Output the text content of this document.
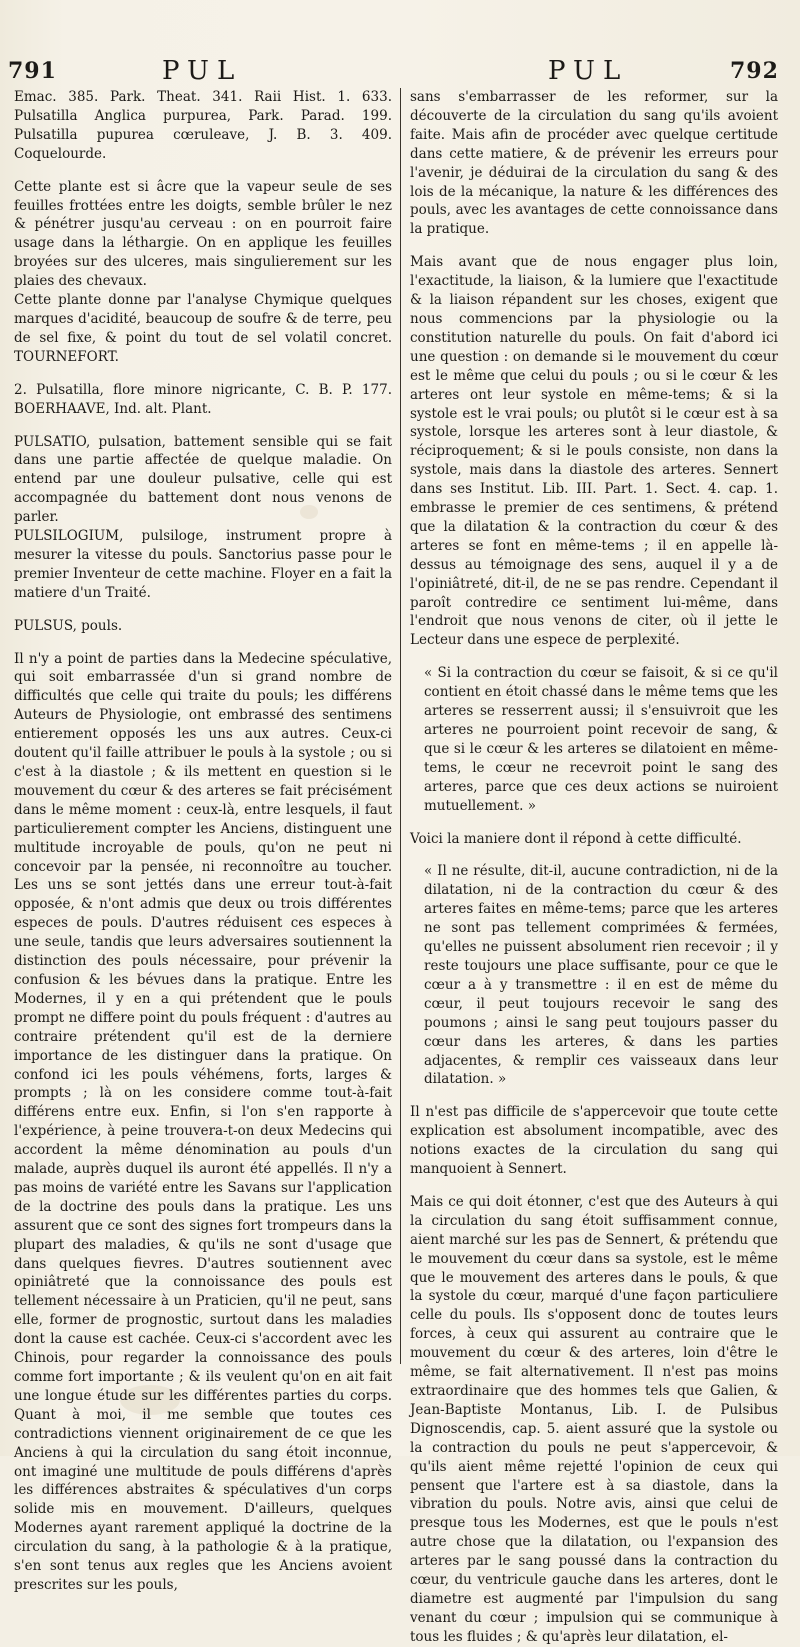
791	PUL	PUL	792

Emac. 385. Park. Theat. 341. Raii Hist. 1. 633. Pulsatilla Anglica purpurea, Park. Parad. 199. Pulsatilla pupurea cœruleave, J. B. 3. 409. Coquelourde.

Cette plante est si âcre que la vapeur seule de ses feuilles frottées entre les doigts, semble brûler le nez & pénétrer jusqu'au cerveau : on en pourroit faire usage dans la léthargie. On en applique les feuilles broyées sur des ulceres, mais singulierement sur les plaies des chevaux.

Cette plante donne par l'analyse Chymique quelques marques d'acidité, beaucoup de soufre & de terre, peu de sel fixe, & point du tout de sel volatil concret. TOURNEFORT.

2. Pulsatilla, flore minore nigricante, C. B. P. 177. BOERHAAVE, Ind. alt. Plant.

PULSATIO, pulsation, battement sensible qui se fait dans une partie affectée de quelque maladie. On entend par une douleur pulsative, celle qui est accompagnée du battement dont nous venons de parler.

PULSILOGIUM, pulsiloge, instrument propre à mesurer la vitesse du pouls. Sanctorius passe pour le premier Inventeur de cette machine. Floyer en a fait la matiere d'un Traité.

PULSUS, pouls.

Il n'y a point de parties dans la Medecine spéculative, qui soit embarrassée d'un si grand nombre de difficultés que celle qui traite du pouls; les différens Auteurs de Physiologie, ont embrassé des sentimens entierement opposés les uns aux autres. Ceux-ci doutent qu'il faille attribuer le pouls à la systole ; ou si c'est à la diastole ; & ils mettent en question si le mouvement du cœur & des arteres se fait précisément dans le même moment : ceux-là, entre lesquels, il faut particulierement compter les Anciens, distinguent une multitude incroyable de pouls, qu'on ne peut ni concevoir par la pensée, ni reconnoître au toucher. Les uns se sont jettés dans une erreur tout-à-fait opposée, & n'ont admis que deux ou trois différentes especes de pouls. D'autres réduisent ces especes à une seule, tandis que leurs adversaires soutiennent la distinction des pouls nécessaire, pour prévenir la confusion & les bévues dans la pratique. Entre les Modernes, il y en a qui prétendent que le pouls prompt ne differe point du pouls fréquent : d'autres au contraire prétendent qu'il est de la derniere importance de les distinguer dans la pratique. On confond ici les pouls véhémens, forts, larges & prompts ; là on les considere comme tout-à-fait différens entre eux. Enfin, si l'on s'en rapporte à l'expérience, à peine trouvera-t-on deux Medecins qui accordent la même dénomination au pouls d'un malade, auprès duquel ils auront été appellés. Il n'y a pas moins de variété entre les Savans sur l'application de la doctrine des pouls dans la pratique. Les uns assurent que ce sont des signes fort trompeurs dans la plupart des maladies, & qu'ils ne sont d'usage que dans quelques fievres. D'autres soutiennent avec opiniâtreté que la connoissance des pouls est tellement nécessaire à un Praticien, qu'il ne peut, sans elle, former de prognostic, surtout dans les maladies dont la cause est cachée. Ceux-ci s'accordent avec les Chinois, pour regarder la connoissance des pouls comme fort importante ; & ils veulent qu'on en ait fait une longue étude sur les différentes parties du corps. Quant à moi, il me semble que toutes ces contradictions viennent originairement de ce que les Anciens à qui la circulation du sang étoit inconnue, ont imaginé une multitude de pouls différens d'après les différences abstraites & spéculatives d'un corps solide mis en mouvement. D'ailleurs, quelques Modernes ayant rarement appliqué la doctrine de la circulation du sang, à la pathologie & à la pratique, s'en sont tenus aux regles que les Anciens avoient prescrites sur les pouls,

sans s'embarrasser de les reformer, sur la découverte de la circulation du sang qu'ils avoient faite. Mais afin de procéder avec quelque certitude dans cette matiere, & de prévenir les erreurs pour l'avenir, je déduirai de la circulation du sang & des lois de la mécanique, la nature & les différences des pouls, avec les avantages de cette connoissance dans la pratique.

Mais avant que de nous engager plus loin, l'exactitude, la liaison, & la lumiere que l'exactitude & la liaison répandent sur les choses, exigent que nous commencions par la physiologie ou la constitution naturelle du pouls. On fait d'abord ici une question : on demande si le mouvement du cœur est le même que celui du pouls ; ou si le cœur & les arteres ont leur systole en même-tems; & si la systole est le vrai pouls; ou plutôt si le cœur est à sa systole, lorsque les arteres sont à leur diastole, & réciproquement; & si le pouls consiste, non dans la systole, mais dans la diastole des arteres. Sennert dans ses Institut. Lib. III. Part. 1. Sect. 4. cap. 1. embrasse le premier de ces sentimens, & prétend que la dilatation & la contraction du cœur & des arteres se font en même-tems ; il en appelle là-dessus au témoignage des sens, auquel il y a de l'opiniâtreté, dit-il, de ne se pas rendre. Cependant il paroît contredire ce sentiment lui-même, dans l'endroit que nous venons de citer, où il jette le Lecteur dans une espece de perplexité.

« Si la contraction du cœur se faisoit, & si ce qu'il contient en étoit chassé dans le même tems que les arteres se resserrent aussi; il s'ensuivroit que les arteres ne pourroient point recevoir de sang, & que si le cœur & les arteres se dilatoient en même-tems, le cœur ne recevroit point le sang des arteres, parce que ces deux actions se nuiroient mutuellement. »

Voici la maniere dont il répond à cette difficulté.

« Il ne résulte, dit-il, aucune contradiction, ni de la dilatation, ni de la contraction du cœur & des arteres faites en même-tems; parce que les arteres ne sont pas tellement comprimées & fermées, qu'elles ne puissent absolument rien recevoir ; il y reste toujours une place suffisante, pour ce que le cœur a à y transmettre : il en est de même du cœur, il peut toujours recevoir le sang des poumons ; ainsi le sang peut toujours passer du cœur dans les arteres, & dans les parties adjacentes, & remplir ces vaisseaux dans leur dilatation. »

Il n'est pas difficile de s'appercevoir que toute cette explication est absolument incompatible, avec des notions exactes de la circulation du sang qui manquoient à Sennert.

Mais ce qui doit étonner, c'est que des Auteurs à qui la circulation du sang étoit suffisamment connue, aient marché sur les pas de Sennert, & prétendu que le mouvement du cœur dans sa systole, est le même que le mouvement des arteres dans le pouls, & que la systole du cœur, marqué d'une façon particuliere celle du pouls. Ils s'opposent donc de toutes leurs forces, à ceux qui assurent au contraire que le mouvement du cœur & des arteres, loin d'être le même, se fait alternativement. Il n'est pas moins extraordinaire que des hommes tels que Galien, & Jean-Baptiste Montanus, Lib. I. de Pulsibus Dignoscendis, cap. 5. aient assuré que la systole ou la contraction du pouls ne peut s'appercevoir, & qu'ils aient même rejetté l'opinion de ceux qui pensent que l'artere est à sa diastole, dans la vibration du pouls. Notre avis, ainsi que celui de presque tous les Modernes, est que le pouls n'est autre chose que la dilatation, ou l'expansion des arteres par le sang poussé dans la contraction du cœur, du ventricule gauche dans les arteres, dont le diametre est augmenté par l'impulsion du sang venant du cœur ; impulsion qui se communique à tous les fluides ; & qu'après leur dilatation, el-
